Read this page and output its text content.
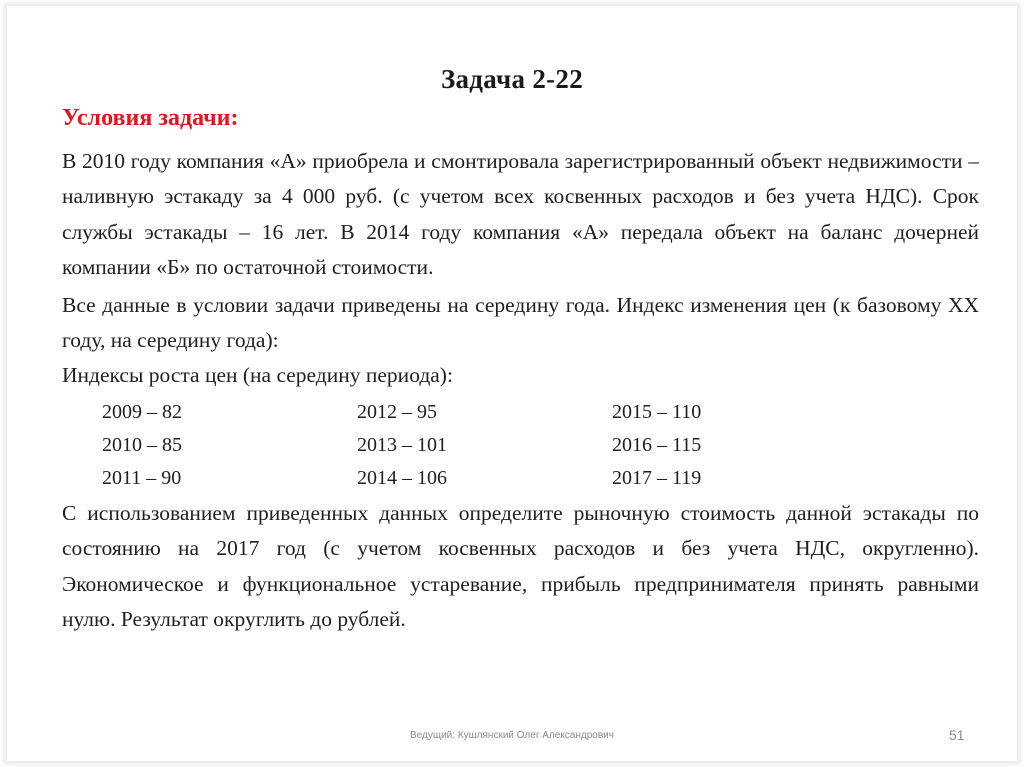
Задача 2-22
Условия задачи:

В 2010 году компания «А» приобрела и смонтировала зарегистрированный объект недвижимости – наливную эстакаду за 4 000 руб. (с учетом всех косвенных расходов и без учета НДС). Срок службы эстакады – 16 лет. В 2014 году компания «А» передала объект на баланс дочерней компании «Б» по остаточной стоимости.

Все данные в условии задачи приведены на середину года. Индекс изменения цен (к базовому ХХ году, на середину года):

Индексы роста цен (на середину периода):

2009 – 82	2012 – 95	2015 – 110
2010 – 85	2013 – 101	2016 – 115
2011 – 90	2014 – 106	2017 – 119

С использованием приведенных данных определите рыночную стоимость данной эстакады по состоянию на 2017 год (с учетом косвенных расходов и без учета НДС, округленно). Экономическое и функциональное устаревание, прибыль предпринимателя принять равными нулю. Результат округлить до рублей.

Ведущий: Кушлянский Олег Александрович	51
